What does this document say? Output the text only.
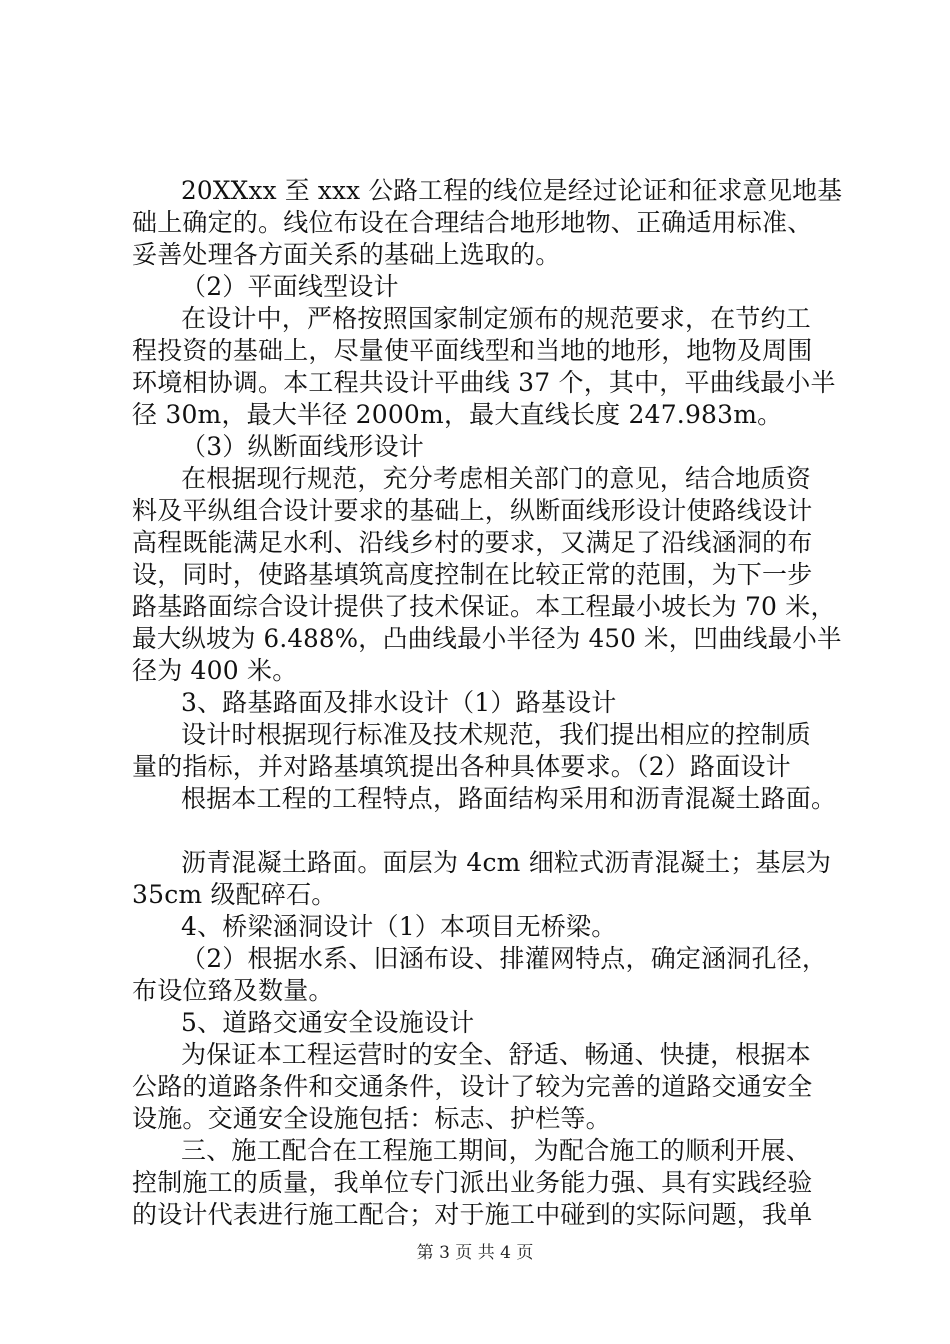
20XXxx 至 xxx 公路工程的线位是经过论证和征求意见地基
础上确定的。线位布设在合理结合地形地物、正确适用标准、
妥善处理各方面关系的基础上选取的。
（2）平面线型设计
在设计中，严格按照国家制定颁布的规范要求，在节约工
程投资的基础上，尽量使平面线型和当地的地形，地物及周围
环境相协调。本工程共设计平曲线 37 个，其中，平曲线最小半
径 30m，最大半径 2000m，最大直线长度 247.983m。
（3）纵断面线形设计
在根据现行规范，充分考虑相关部门的意见，结合地质资
料及平纵组合设计要求的基础上，纵断面线形设计使路线设计
高程既能满足水利、沿线乡村的要求，又满足了沿线涵洞的布
设，同时，使路基填筑高度控制在比较正常的范围，为下一步
路基路面综合设计提供了技术保证。本工程最小坡长为 70 米，
最大纵坡为 6.488%，凸曲线最小半径为 450 米，凹曲线最小半
径为 400 米。
3、路基路面及排水设计（1）路基设计
设计时根据现行标准及技术规范，我们提出相应的控制质
量的指标，并对路基填筑提出各种具体要求。（2）路面设计
根据本工程的工程特点，路面结构采用和沥青混凝土路面。
沥青混凝土路面。面层为 4cm 细粒式沥青混凝土；基层为
35cm 级配碎石。
4、桥梁涵洞设计（1）本项目无桥梁。
（2）根据水系、旧涵布设、排灌网特点，确定涵洞孔径，
布设位臵及数量。
5、道路交通安全设施设计
为保证本工程运营时的安全、舒适、畅通、快捷，根据本
公路的道路条件和交通条件，设计了较为完善的道路交通安全
设施。交通安全设施包括：标志、护栏等。
三、施工配合在工程施工期间，为配合施工的顺利开展、
控制施工的质量，我单位专门派出业务能力强、具有实践经验
的设计代表进行施工配合；对于施工中碰到的实际问题，我单
第 3 页 共 4 页
